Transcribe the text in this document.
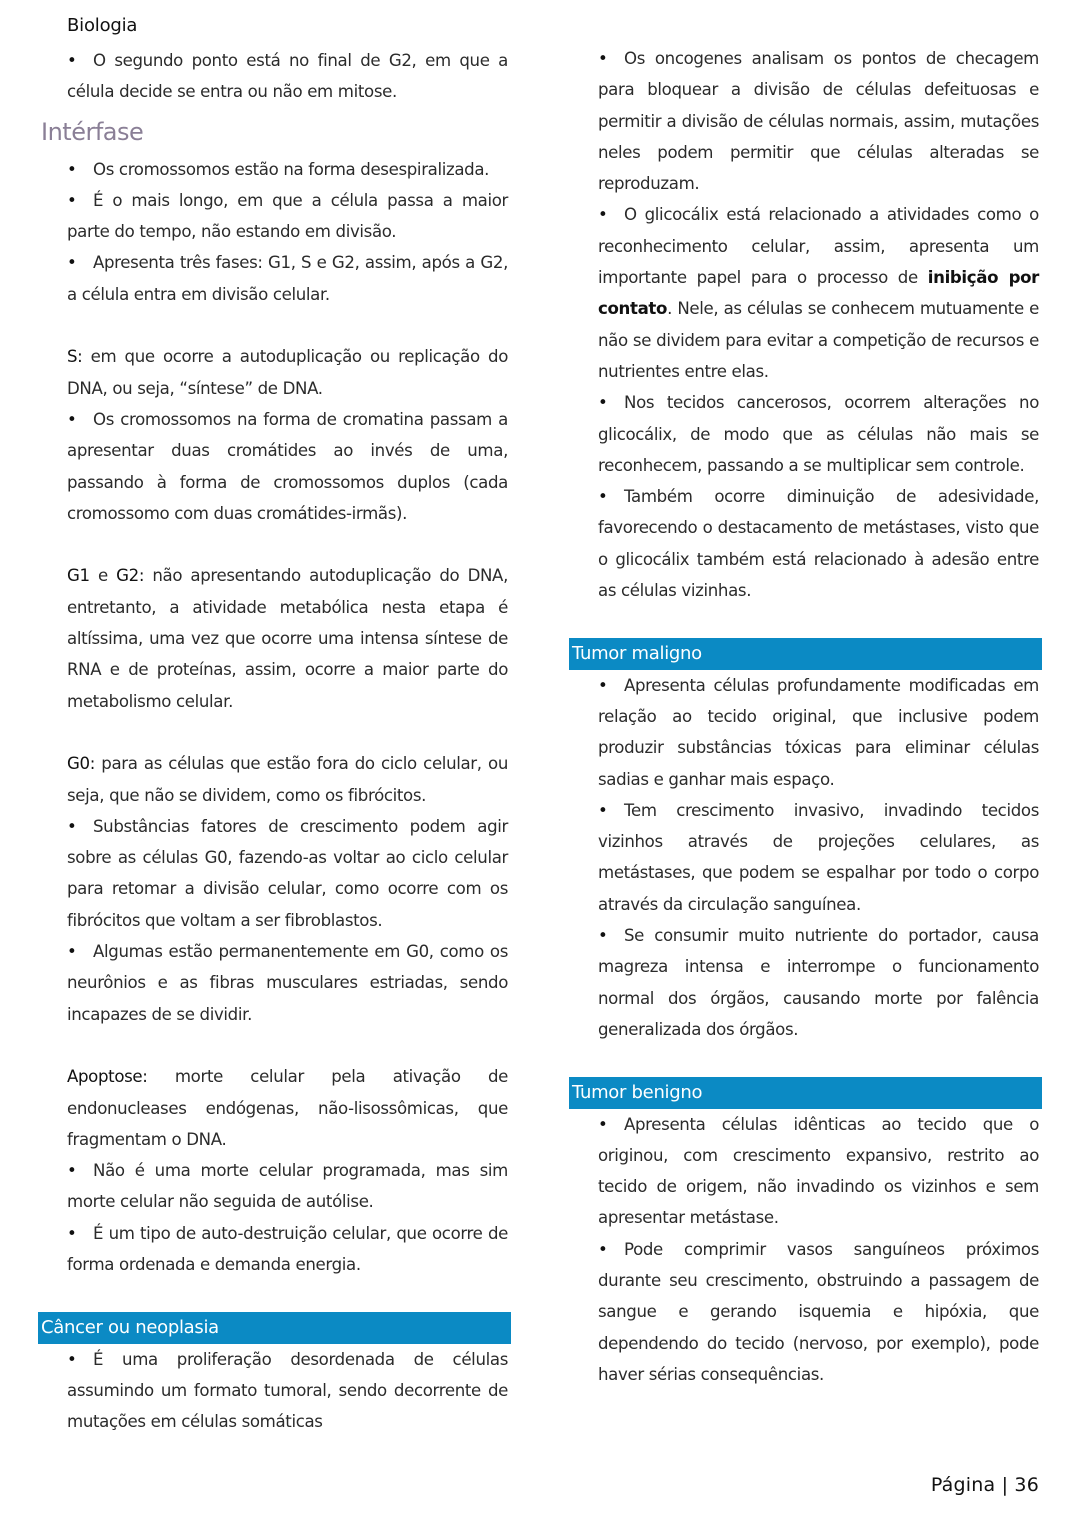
Biologia

• O segundo ponto está no final de G2, em que a célula decide se entra ou não em mitose.

Intérfase

• Os cromossomos estão na forma desespiralizada.

• É o mais longo, em que a célula passa a maior parte do tempo, não estando em divisão.

• Apresenta três fases: G1, S e G2, assim, após a G2, a célula entra em divisão celular.

S: em que ocorre a autoduplicação ou replicação do DNA, ou seja, “síntese” de DNA.

• Os cromossomos na forma de cromatina passam a apresentar duas cromátides ao invés de uma, passando à forma de cromossomos duplos (cada cromossomo com duas cromátides-irmãs).

G1 e G2: não apresentando autoduplicação do DNA, entretanto, a atividade metabólica nesta etapa é altíssima, uma vez que ocorre uma intensa síntese de RNA e de proteínas, assim, ocorre a maior parte do metabolismo celular.

G0: para as células que estão fora do ciclo celular, ou seja, que não se dividem, como os fibrócitos.

• Substâncias fatores de crescimento podem agir sobre as células G0, fazendo-as voltar ao ciclo celular para retomar a divisão celular, como ocorre com os fibrócitos que voltam a ser fibroblastos.

• Algumas estão permanentemente em G0, como os neurônios e as fibras musculares estriadas, sendo incapazes de se dividir.

Apoptose: morte celular pela ativação de endonucleases endógenas, não-lisossômicas, que fragmentam o DNA.

• Não é uma morte celular programada, mas sim morte celular não seguida de autólise.

• É um tipo de auto-destruição celular, que ocorre de forma ordenada e demanda energia.

Câncer ou neoplasia

• É uma proliferação desordenada de células assumindo um formato tumoral, sendo decorrente de mutações em células somáticas

• Os oncogenes analisam os pontos de checagem para bloquear a divisão de células defeituosas e permitir a divisão de células normais, assim, mutações neles podem permitir que células alteradas se reproduzam.

• O glicocálix está relacionado a atividades como o reconhecimento celular, assim, apresenta um importante papel para o processo de inibição por contato. Nele, as células se conhecem mutuamente e não se dividem para evitar a competição de recursos e nutrientes entre elas.

• Nos tecidos cancerosos, ocorrem alterações no glicocálix, de modo que as células não mais se reconhecem, passando a se multiplicar sem controle.

• Também ocorre diminuição de adesividade, favorecendo o destacamento de metástases, visto que o glicocálix também está relacionado à adesão entre as células vizinhas.

Tumor maligno

• Apresenta células profundamente modificadas em relação ao tecido original, que inclusive podem produzir substâncias tóxicas para eliminar células sadias e ganhar mais espaço.

• Tem crescimento invasivo, invadindo tecidos vizinhos através de projeções celulares, as metástases, que podem se espalhar por todo o corpo através da circulação sanguínea.

• Se consumir muito nutriente do portador, causa magreza intensa e interrompe o funcionamento normal dos órgãos, causando morte por falência generalizada dos órgãos.

Tumor benigno

• Apresenta células idênticas ao tecido que o originou, com crescimento expansivo, restrito ao tecido de origem, não invadindo os vizinhos e sem apresentar metástase.

• Pode comprimir vasos sanguíneos próximos durante seu crescimento, obstruindo a passagem de sangue e gerando isquemia e hipóxia, que dependendo do tecido (nervoso, por exemplo), pode haver sérias consequências.

Página | 36
